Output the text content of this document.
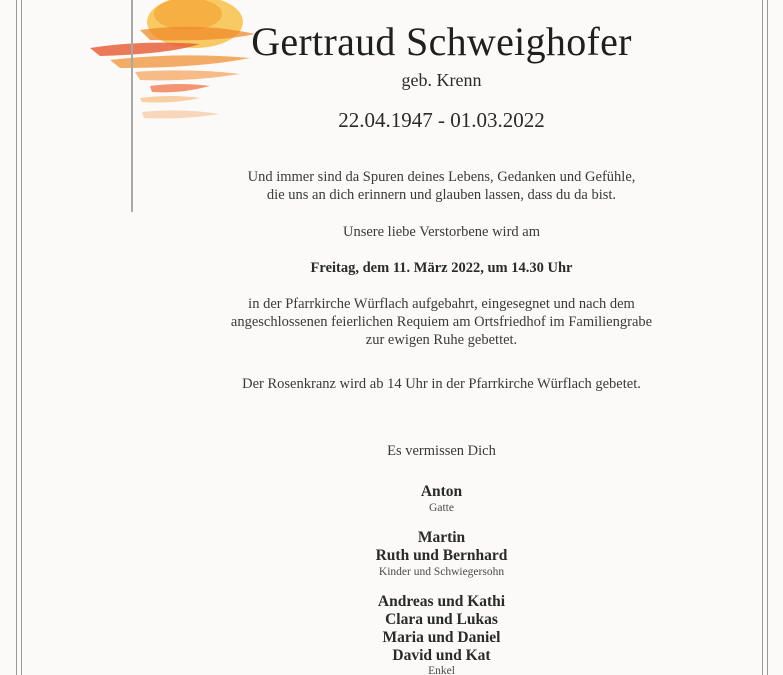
Gertraud Schweighofer
geb. Krenn
22.04.1947 - 01.03.2022
Und immer sind da Spuren deines Lebens, Gedanken und Gefühle,
die uns an dich erinnern und glauben lassen, dass du da bist.
Unsere liebe Verstorbene wird am
Freitag, dem 11. März 2022, um 14.30 Uhr
in der Pfarrkirche Würflach aufgebahrt, eingesegnet und nach dem
angeschlossenen feierlichen Requiem am Ortsfriedhof im Familiengrabe
zur ewigen Ruhe gebettet.
Der Rosenkranz wird ab 14 Uhr in der Pfarrkirche Würflach gebetet.
Es vermissen Dich
Anton
Gatte
Martin
Ruth und Bernhard
Kinder und Schwiegersohn
Andreas und Kathi
Clara und Lukas
Maria und Daniel
David und Kat
Enkel
